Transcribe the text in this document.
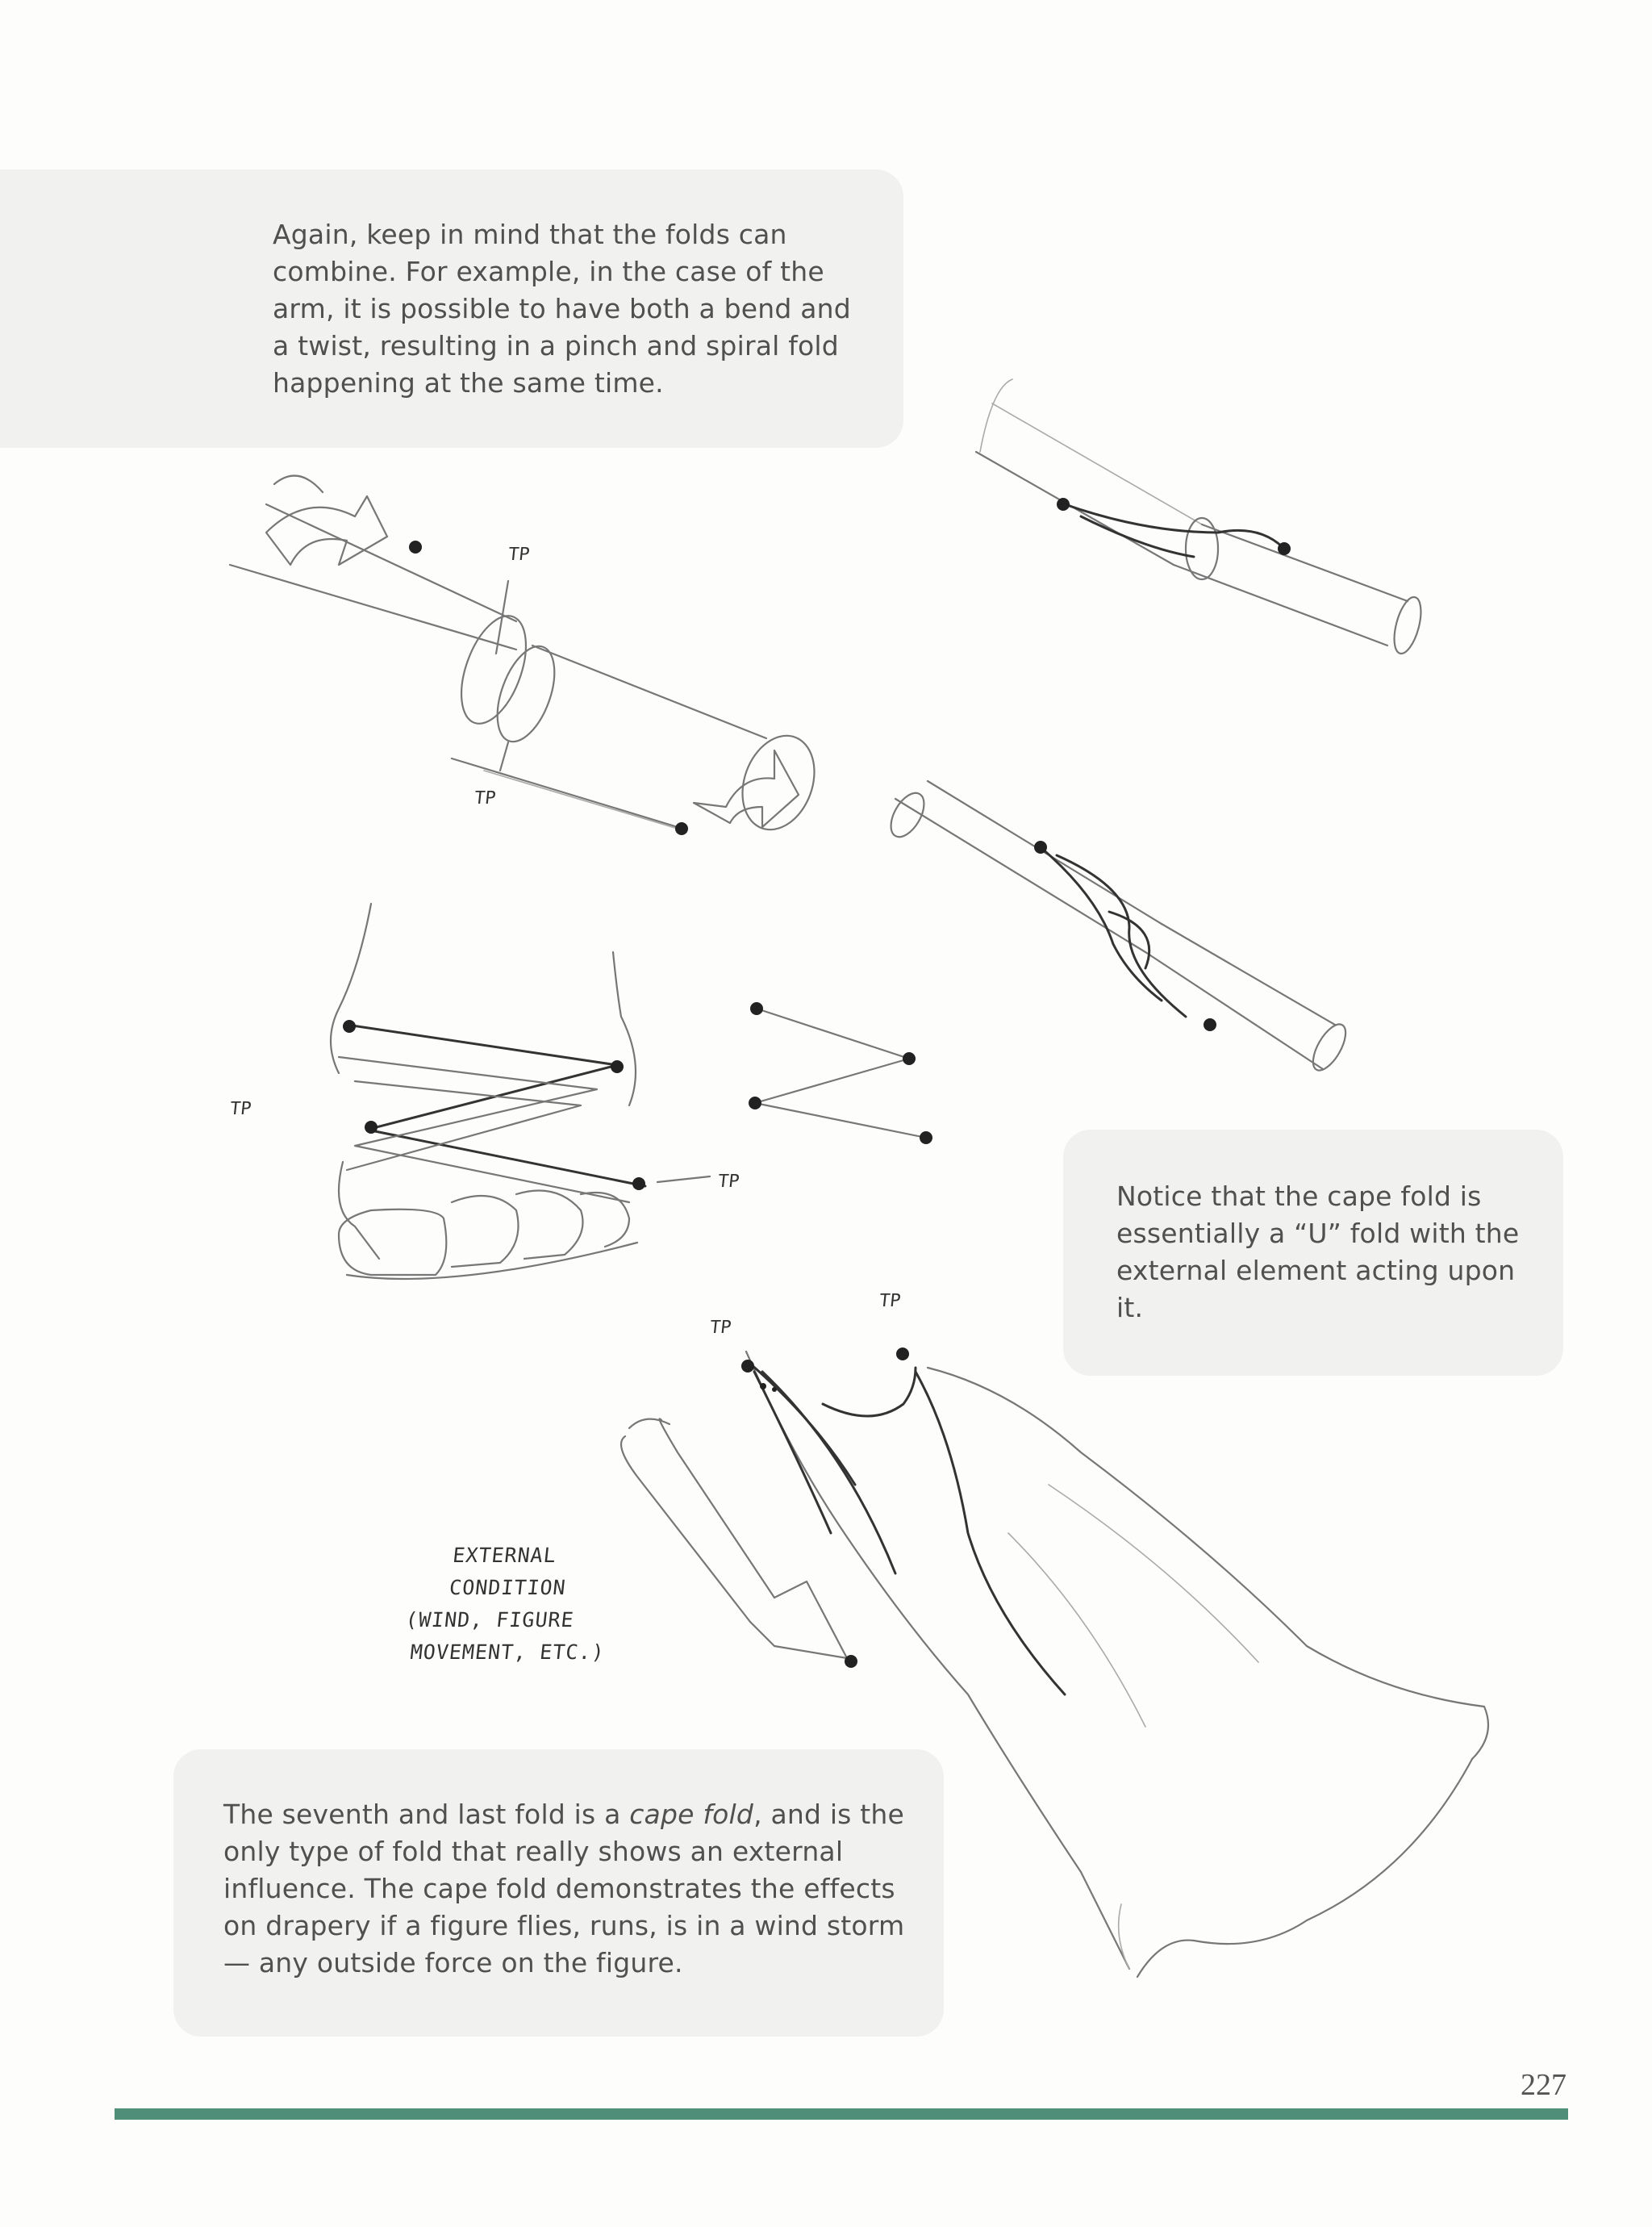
Again, keep in mind that the folds can combine. For example, in the case of the arm, it is possible to have both a bend and a twist, resulting in a pinch and spiral fold happening at the same time.

Notice that the cape fold is essentially a “U” fold with the external element acting upon it.

The seventh and last fold is a cape fold, and is the only type of fold that really shows an external influence. The cape fold demonstrates the effects on drapery if a figure flies, runs, is in a wind storm — any outside force on the figure.

TP
TP
TP
TP
TP
TP
EXTERNAL
CONDITION
(WIND, FIGURE
MOVEMENT, ETC.)
227
